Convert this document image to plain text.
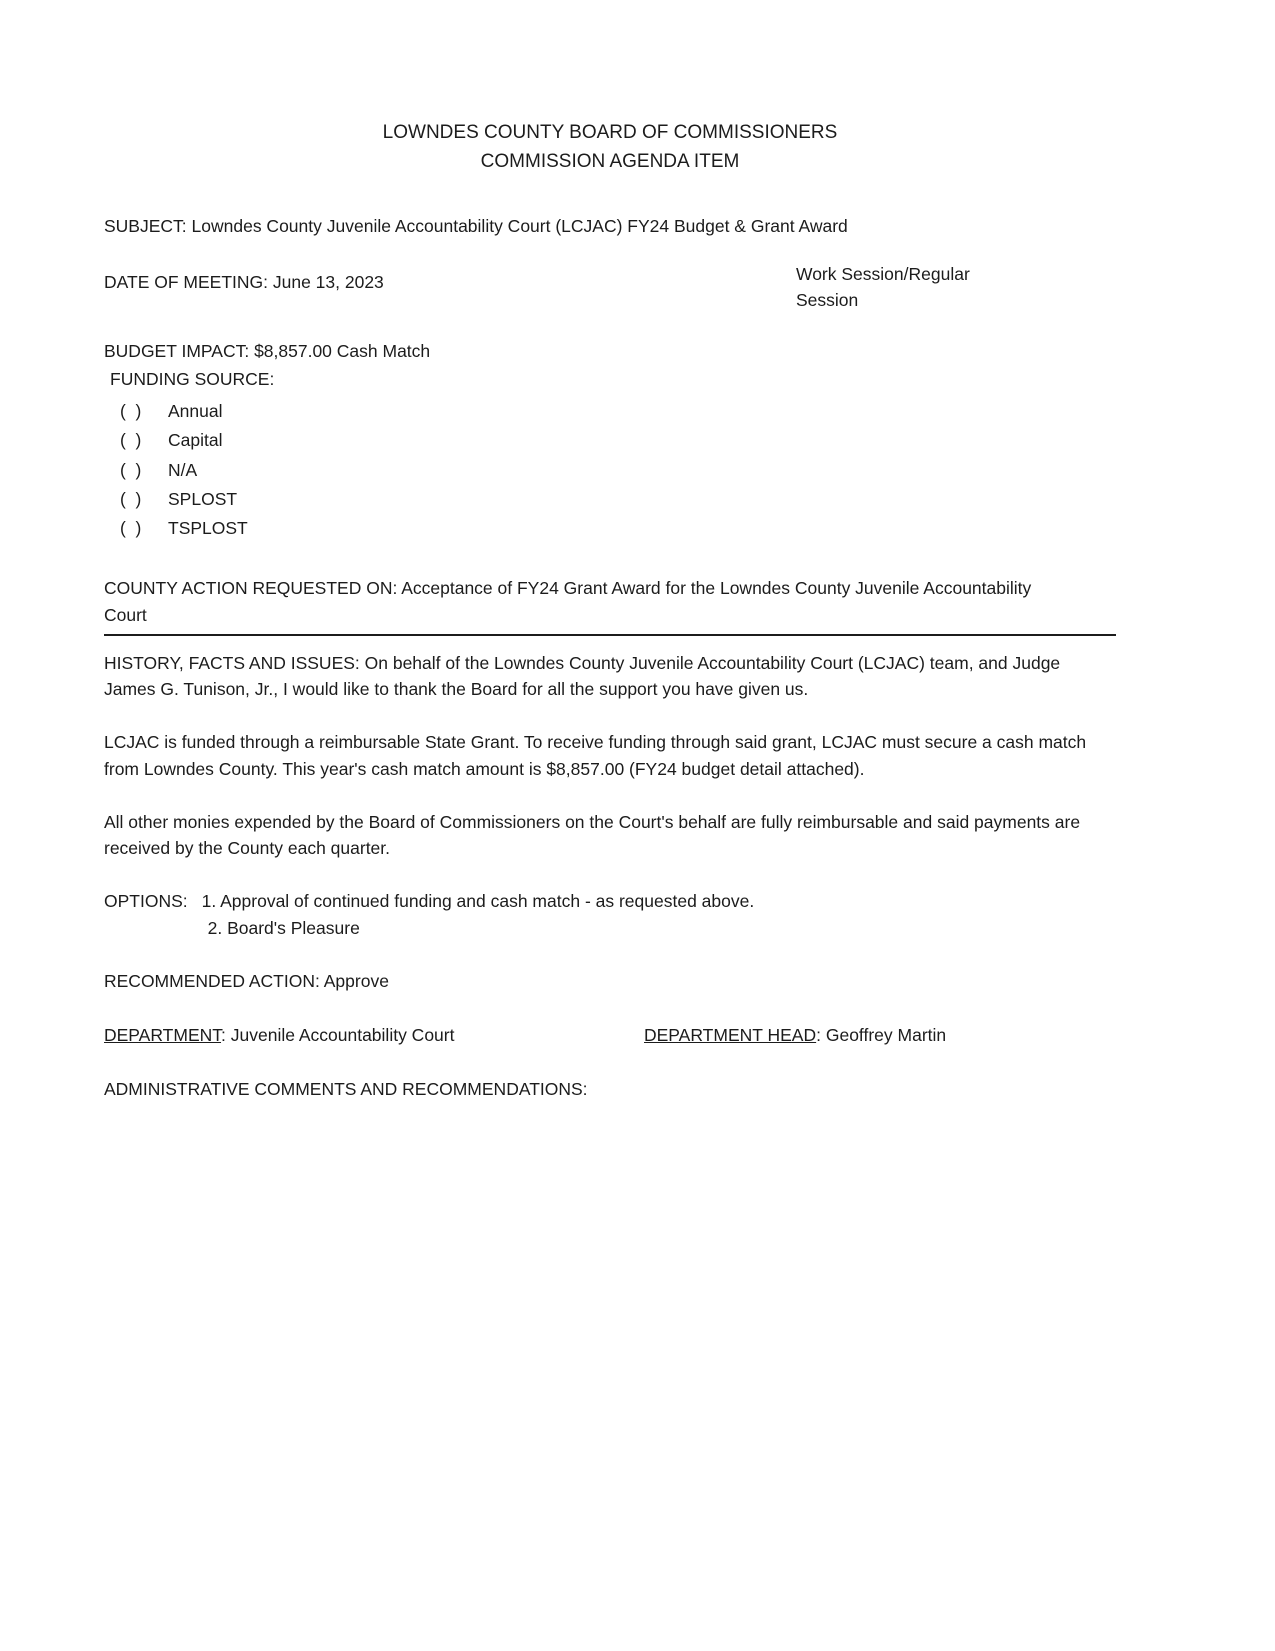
LOWNDES COUNTY BOARD OF COMMISSIONERS
COMMISSION AGENDA ITEM
SUBJECT: Lowndes County Juvenile Accountability Court (LCJAC) FY24 Budget & Grant Award
DATE OF MEETING: June 13, 2023	Work Session/Regular Session
BUDGET IMPACT: $8,857.00 Cash Match
FUNDING SOURCE:
(  )	Annual
(  )	Capital
(  )	N/A
(  )	SPLOST
(  )	TSPLOST
COUNTY ACTION REQUESTED ON: Acceptance of FY24 Grant Award for the Lowndes County Juvenile Accountability Court
HISTORY, FACTS AND ISSUES: On behalf of the Lowndes County Juvenile Accountability Court (LCJAC) team, and Judge James G. Tunison, Jr., I would like to thank the Board for all the support you have given us.
LCJAC is funded through a reimbursable State Grant. To receive funding through said grant, LCJAC must secure a cash match from Lowndes County. This year's cash match amount is $8,857.00 (FY24 budget detail attached).
All other monies expended by the Board of Commissioners on the Court's behalf are fully reimbursable and said payments are received by the County each quarter.
OPTIONS: 1. Approval of continued funding and cash match - as requested above.
2. Board's Pleasure
RECOMMENDED ACTION: Approve
DEPARTMENT: Juvenile Accountability Court	DEPARTMENT HEAD: Geoffrey Martin
ADMINISTRATIVE COMMENTS AND RECOMMENDATIONS:
